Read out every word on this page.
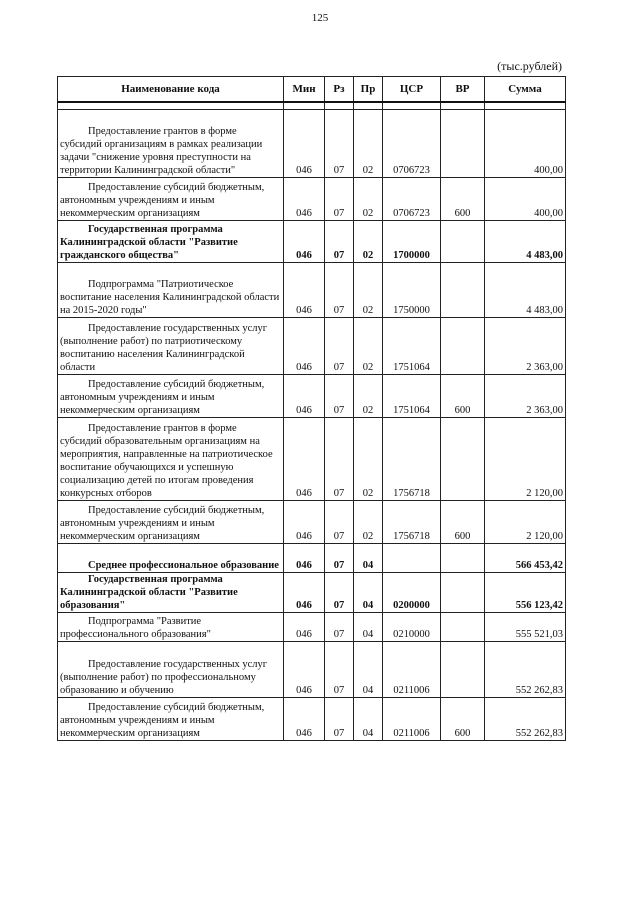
125
(тыс.рублей)
Наименование кода	Мин	Рз	Пр	ЦСР	ВР	Сумма

Предоставление грантов в форме субсидий организациям в рамках реализации задачи "снижение уровня преступности на территории Калининградской области"	046	07	02	0706723		400,00
Предоставление субсидий бюджетным, автономным учреждениям и иным некоммерческим организациям	046	07	02	0706723	600	400,00
Государственная программа Калининградской области "Развитие гражданского общества"	046	07	02	1700000		4 483,00
Подпрограмма "Патриотическое воспитание населения Калининградской области на 2015-2020 годы"	046	07	02	1750000		4 483,00
Предоставление государственных услуг (выполнение работ) по патриотическому воспитанию населения Калининградской области	046	07	02	1751064		2 363,00
Предоставление субсидий бюджетным, автономным учреждениям и иным некоммерческим организациям	046	07	02	1751064	600	2 363,00
Предоставление грантов в форме субсидий образовательным организациям на мероприятия, направленные на патриотическое воспитание обучающихся и успешную социализацию детей по итогам проведения конкурсных отборов	046	07	02	1756718		2 120,00
Предоставление субсидий бюджетным, автономным учреждениям и иным некоммерческим организациям	046	07	02	1756718	600	2 120,00
Среднее профессиональное образование	046	07	04			566 453,42
Государственная программа Калининградской области "Развитие образования"	046	07	04	0200000		556 123,42
Подпрограмма "Развитие профессионального образования"	046	07	04	0210000		555 521,03
Предоставление государственных услуг (выполнение работ) по профессиональному образованию и обучению	046	07	04	0211006		552 262,83
Предоставление субсидий бюджетным, автономным учреждениям и иным некоммерческим организациям	046	07	04	0211006	600	552 262,83
